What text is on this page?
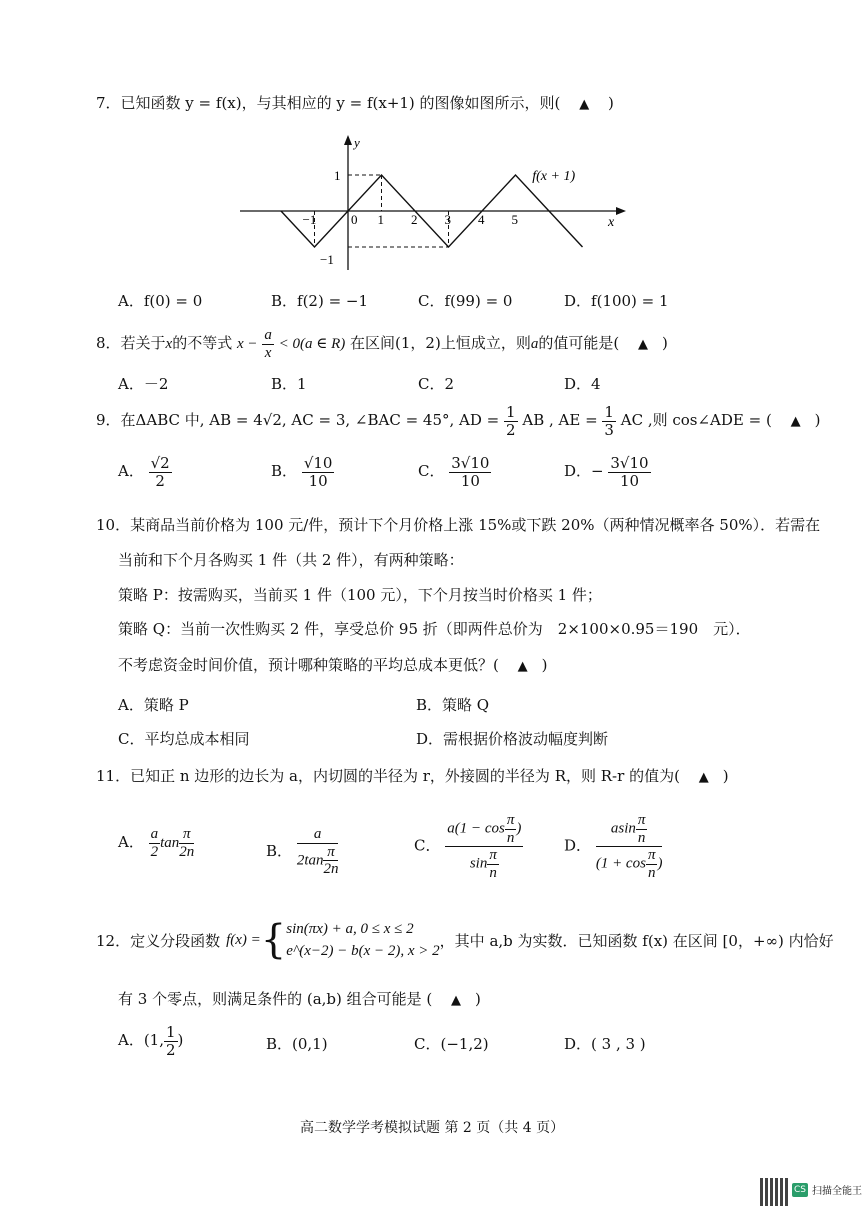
7．已知函数 y = f(x)，与其相应的 y = f(x+1) 的图像如图所示，则( ▲ )
y
x
−1	0 1 2 3 4 5
1
−1
f(x + 1)
A．f(0) = 0	B．f(2) = −1	C．f(99) = 0	D．f(100) = 1
8．若关于x的不等式 $x - \frac{a}{x} < 0(a$ ∈ R) 在区间(1，2)上恒成立，则a的值可能是( ▲ )
A．－2	B．1	C．2	D．4
9．在ΔABC 中, AB = 4√2, AC = 3, ∠BAC = 45°, AD = $\frac{1}{2}$ AB , AE = $\frac{1}{3}$ AC ,则 cos∠ADE = ( ▲ )
A． $\frac{√2}{2}$	B． $\frac{√10}{10}$	C． $\frac{3√10}{10}$	D．− $\frac{3√10}{10}$
10．某商品当前价格为 100 元/件，预计下个月价格上涨 15%或下跌 20%（两种情况概率各 50%）．若需在
当前和下个月各购买 1 件（共 2 件），有两种策略：
策略 P：按需购买，当前买 1 件（100 元），下个月按当时价格买 1 件；
策略 Q：当前一次性购买 2 件，享受总价 95 折（即两件总价为　2×100×0.95＝190　元）．
不考虑资金时间价值，预计哪种策略的平均总成本更低？( ▲ )
A．策略 P	B．策略 Q
C．平均总成本相同	D．需根据价格波动幅度判断
11．已知正 n 边形的边长为 a，内切圆的半径为 r，外接圆的半径为 R，则 R-r 的值为( ▲ )
A． $\frac{a}{2}$ $\tan \frac{\pi}{2n}$	B． $\frac{a}{2\tan \frac{\pi}{2n}}$	C． $\frac{a(1 - \cos \frac{\pi}{n} )}{\sin \frac{\pi}{n}}$	D． $\frac{asin \frac{\pi}{n}}{(1 + \cos \frac{\pi}{n} )}$
12．定义分段函数 f(x) = { sin(πx) + a, 0 ≤ x ≤ 2
e^(x−2) − b(x − 2), x > 2
，其中 a,b 为实数．已知函数 f(x) 在区间 [0，+∞) 内恰好
有 3 个零点，则满足条件的 (a,b) 组合可能是 ( ▲ )
A．(1, $\frac{1}{2}$ )	B．(0,1)	C．(−1,2)	D．( 3 , 3 )
高二数学学考模拟试题 第 2 页（共 4 页）
CS 扫描全能王
